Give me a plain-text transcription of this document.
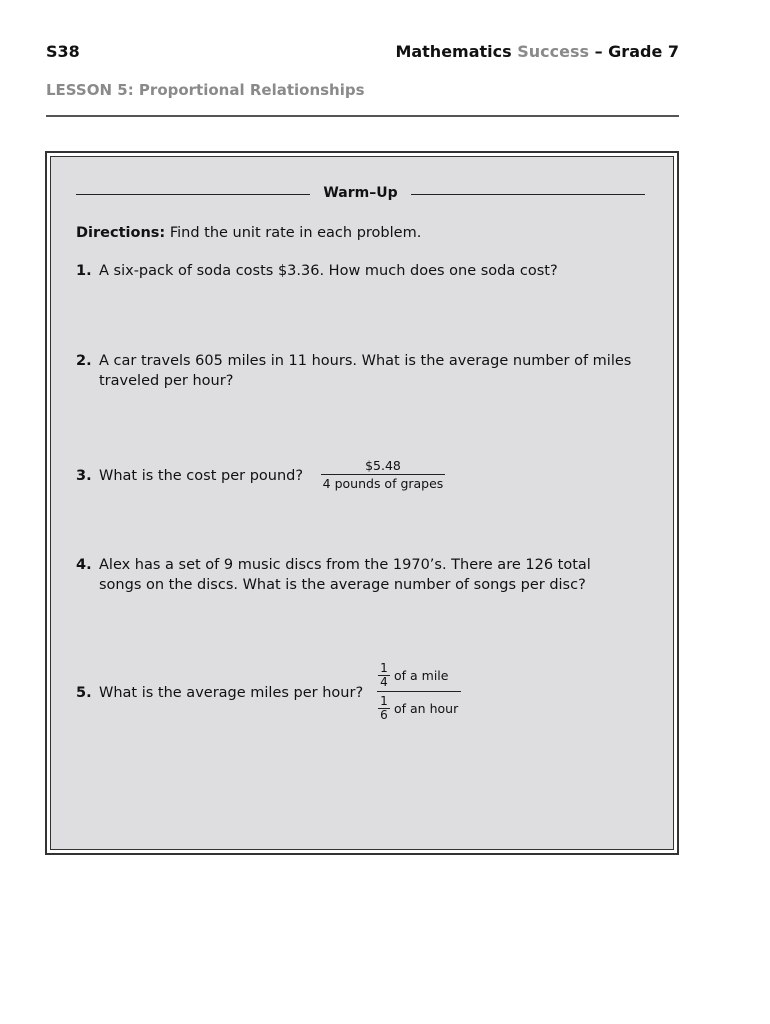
S38	Mathematics Success – Grade 7
LESSON 5: Proportional Relationships
Warm–Up
Directions: Find the unit rate in each problem.
1. A six-pack of soda costs $3.36. How much does one soda cost?
2. A car travels 605 miles in 11 hours. What is the average number of miles
traveled per hour?
3. What is the cost per pound?
$5.48
4 pounds of grapes
4. Alex has a set of 9 music discs from the 1970’s. There are 126 total
songs on the discs. What is the average number of songs per disc?
5. What is the average miles per hour?
$\frac{1}{4}$ of a mile
$\frac{1}{6}$ of an hour
